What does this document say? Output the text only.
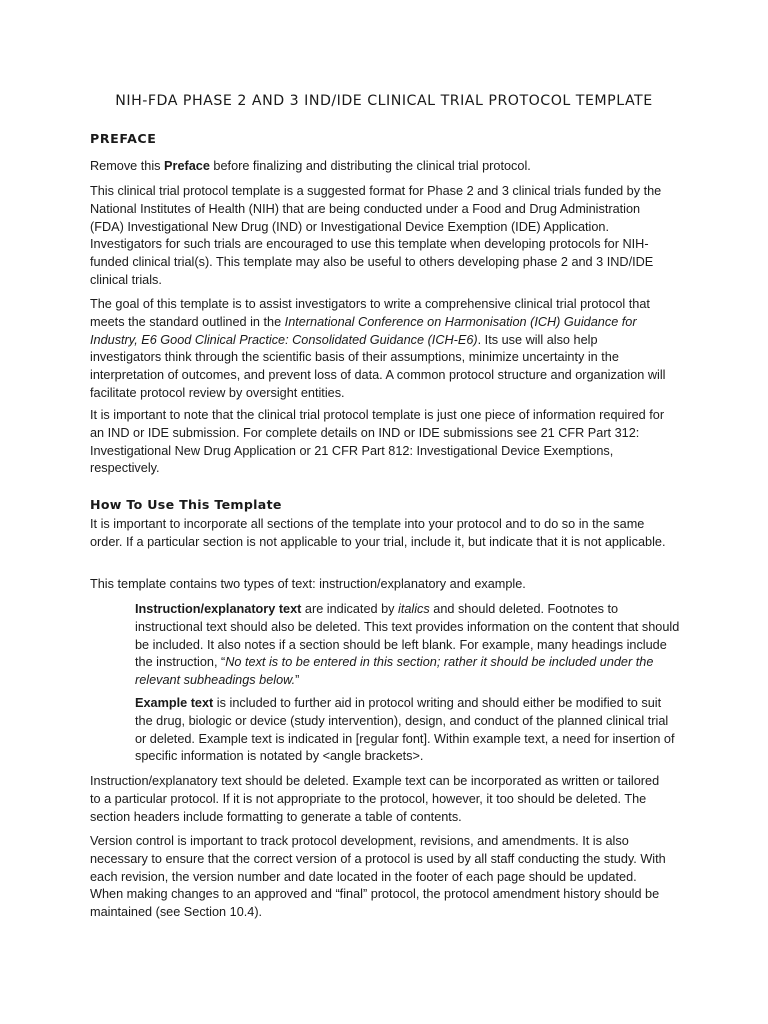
NIH-FDA PHASE 2 AND 3 IND/IDE CLINICAL TRIAL PROTOCOL TEMPLATE
PREFACE
Remove this Preface before finalizing and distributing the clinical trial protocol.
This clinical trial protocol template is a suggested format for Phase 2 and 3 clinical trials funded by the National Institutes of Health (NIH) that are being conducted under a Food and Drug Administration (FDA) Investigational New Drug (IND) or Investigational Device Exemption (IDE) Application. Investigators for such trials are encouraged to use this template when developing protocols for NIH-funded clinical trial(s). This template may also be useful to others developing phase 2 and 3 IND/IDE clinical trials.
The goal of this template is to assist investigators to write a comprehensive clinical trial protocol that meets the standard outlined in the International Conference on Harmonisation (ICH) Guidance for Industry, E6 Good Clinical Practice: Consolidated Guidance (ICH-E6). Its use will also help investigators think through the scientific basis of their assumptions, minimize uncertainty in the interpretation of outcomes, and prevent loss of data. A common protocol structure and organization will facilitate protocol review by oversight entities.
It is important to note that the clinical trial protocol template is just one piece of information required for an IND or IDE submission. For complete details on IND or IDE submissions see 21 CFR Part 312: Investigational New Drug Application or 21 CFR Part 812: Investigational Device Exemptions, respectively.
How To Use This Template
It is important to incorporate all sections of the template into your protocol and to do so in the same order. If a particular section is not applicable to your trial, include it, but indicate that it is not applicable.
This template contains two types of text: instruction/explanatory and example.
Instruction/explanatory text are indicated by italics and should deleted. Footnotes to instructional text should also be deleted. This text provides information on the content that should be included. It also notes if a section should be left blank. For example, many headings include the instruction, “No text is to be entered in this section; rather it should be included under the relevant subheadings below.”
Example text is included to further aid in protocol writing and should either be modified to suit the drug, biologic or device (study intervention), design, and conduct of the planned clinical trial or deleted. Example text is indicated in [regular font]. Within example text, a need for insertion of specific information is notated by <angle brackets>.
Instruction/explanatory text should be deleted. Example text can be incorporated as written or tailored to a particular protocol. If it is not appropriate to the protocol, however, it too should be deleted. The section headers include formatting to generate a table of contents.
Version control is important to track protocol development, revisions, and amendments. It is also necessary to ensure that the correct version of a protocol is used by all staff conducting the study. With each revision, the version number and date located in the footer of each page should be updated. When making changes to an approved and “final” protocol, the protocol amendment history should be maintained (see Section 10.4).
